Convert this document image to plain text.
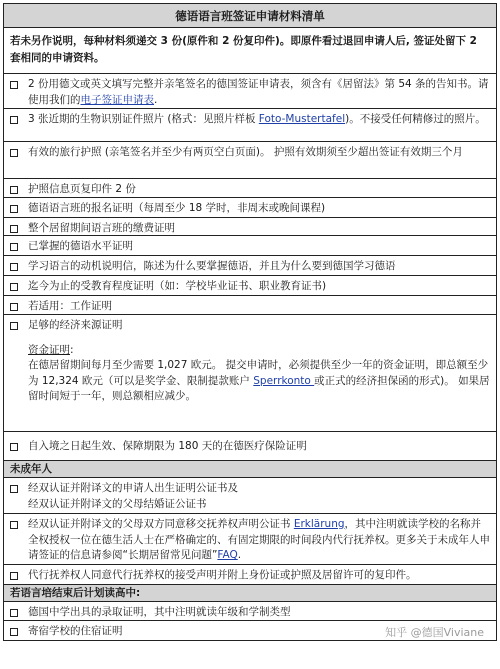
德语语言班签证申请材料清单
若未另作说明，每种材料须递交 3 份(原件和 2 份复印件)。即原件看过退回申请人后, 签证处留下 2 套相同的申请资料。
2 份用德文或英文填写完整并亲笔签名的德国签证申请表，须含有《居留法》第 54 条的告知书。请使用我们的电子签证申请表.
3 张近期的生物识别证件照片 (格式：见照片样板 Foto-Mustertafel)。不接受任何精修过的照片。
有效的旅行护照 (亲笔签名并至少有两页空白页面)。 护照有效期须至少超出签证有效期三个月
护照信息页复印件 2 份
德语语言班的报名证明（每周至少 18 学时，非周末或晚间课程)
整个居留期间语言班的缴费证明
已掌握的德语水平证明
学习语言的动机说明信，陈述为什么要掌握德语，并且为什么要到德国学习德语
迄今为止的受教育程度证明（如：学校毕业证书、职业教育证书)
若适用：工作证明
足够的经济来源证明
资金证明:
在德居留期间每月至少需要 1,027 欧元。 提交申请时，必须提供至少一年的资金证明，即总额至少为 12,324 欧元（可以是奖学金、限制提款账户 Sperrkonto 或正式的经济担保函的形式)。 如果居留时间短于一年，则总额相应减少。
自入境之日起生效、保障期限为 180 天的在德医疗保险证明
未成年人
经双认证并附译文的申请人出生证明公证书及
经双认证并附译文的父母结婚证公证书
经双认证并附译文的父母双方同意移交抚养权声明公证书 Erklärung，其中注明就读学校的名称并全权授权一位在德生活人士在严格确定的、有固定期限的时间段内代行抚养权。更多关于未成年人申请签证的信息请参阅“长期居留常见问题”FAQ.
代行抚养权人同意代行抚养权的接受声明并附上身份证或护照及居留许可的复印件。
若语言培结束后计划读高中:
德国中学出具的录取证明，其中注明就读年级和学制类型
寄宿学校的住宿证明	知乎 @德国Viviane
